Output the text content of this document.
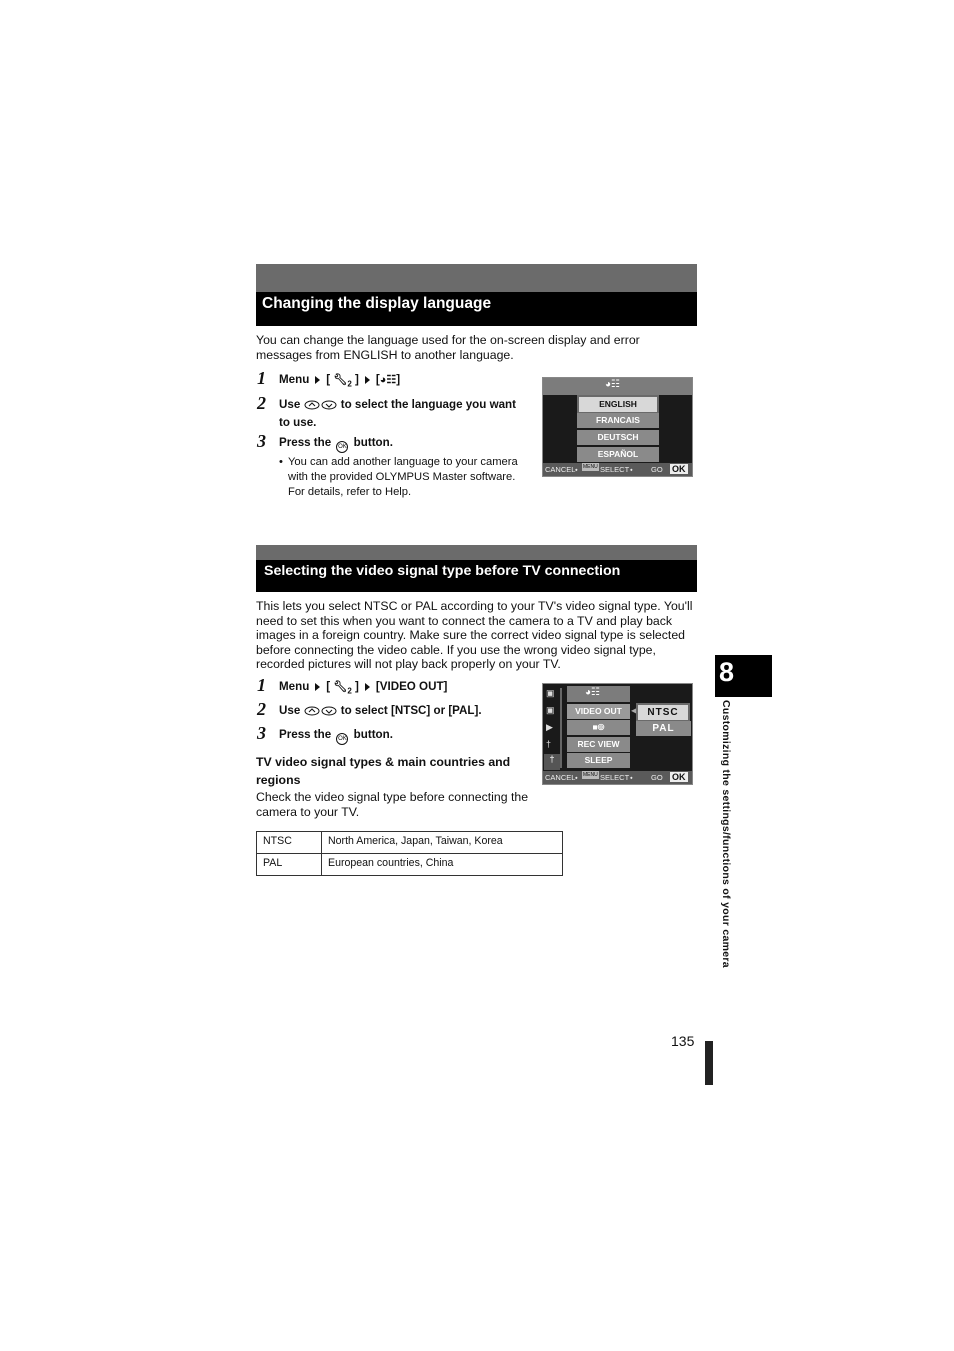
Changing the display language
You can change the language used for the on-screen display and error messages from ENGLISH to another language.
1 Menu [ $🔧︎_2$ ] [◕☷]
2 Use	to select the language you want to use.
3 Press the OK button.
• You can add another language to your camera with the provided OLYMPUS Master software.
For details, refer to Help.
◕☷
ENGLISH
FRANCAIS
DEUTSCH
ESPAÑOL
CANCEL ⬩ MENU SELECT ⬩ GO OK
Selecting the video signal type before TV connection
This lets you select NTSC or PAL according to your TV's video signal type. You'll need to set this when you want to connect the camera to a TV and play back images in a foreign country. Make sure the correct video signal type is selected before connecting the video cable. If you use the wrong video signal type, recorded pictures will not play back properly on your TV.
1 Menu [ $🔧︎_2$ ] [VIDEO OUT]
2 Use	to select [NTSC] or [PAL].
3 Press the OK button.
TV video signal types & main countries and regions
Check the video signal type before connecting the camera to your TV.
▣
▣
▶
†
†
◕☷
VIDEO OUT
■⦾
REC VIEW
SLEEP
◀	NTSC
PAL
CANCEL ⬩ MENU SELECT ⬩ GO OK
NTSC	North America, Japan, Taiwan, Korea
PAL	European countries, China
8
Customizing the settings/functions of your camera
135
